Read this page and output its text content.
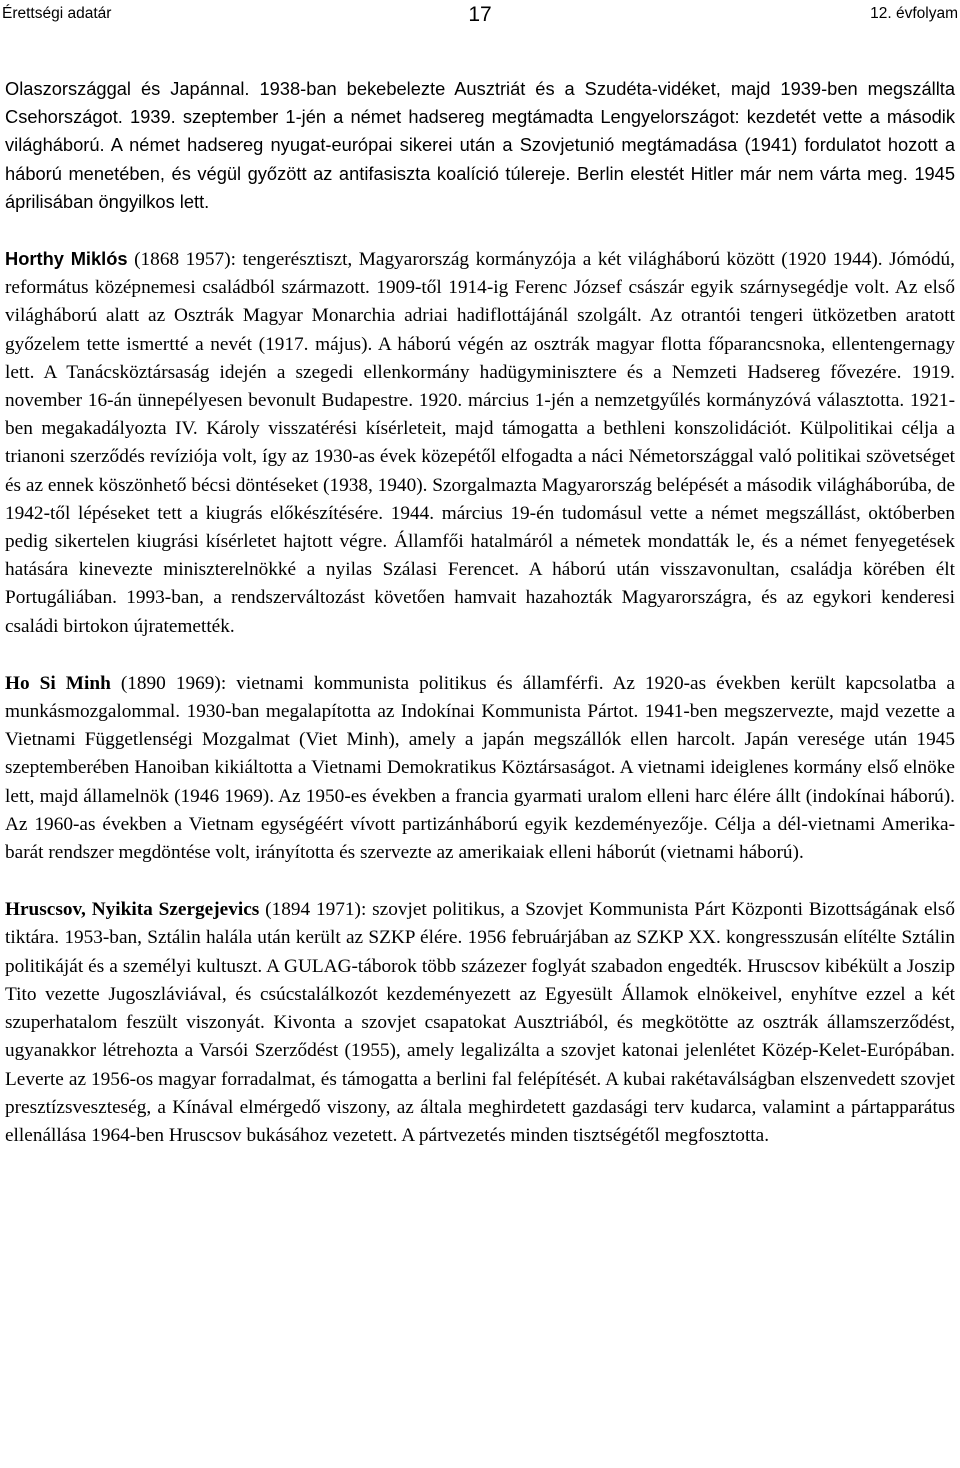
Érettségi adatár	17	12. évfolyam

Olaszországgal és Japánnal. 1938-ban bekebelezte Ausztriát és a Szudéta-vidéket, majd 1939-ben megszállta Csehországot. 1939. szeptember 1-jén a német hadsereg megtámadta Lengyelországot: kezdetét vette a második világháború. A német hadsereg nyugat-európai sikerei után a Szovjetunió megtámadása (1941) fordulatot hozott a háború menetében, és végül győzött az antifasiszta koalíció túlereje. Berlin elestét Hitler már nem várta meg. 1945 áprilisában öngyilkos lett.

Horthy Miklós (1868 1957): tengerésztiszt, Magyarország kormányzója a két világháború között (1920 1944). Jómódú, református középnemesi családból származott. 1909-től 1914-ig Ferenc József császár egyik szárnysegédje volt. Az első világháború alatt az Osztrák Magyar Monarchia adriai hadiflottájánál szolgált. Az otrantói tengeri ütközetben aratott győzelem tette ismertté a nevét (1917. május). A háború végén az osztrák magyar flotta főparancsnoka, ellentengernagy lett. A Tanácsköztársaság idején a szegedi ellenkormány hadügyminisztere és a Nemzeti Hadsereg fővezére. 1919. november 16-án ünnepélyesen bevonult Budapestre. 1920. március 1-jén a nemzetgyűlés kormányzóvá választotta. 1921-ben megakadályozta IV. Károly visszatérési kísérleteit, majd támogatta a bethleni konszolidációt. Külpolitikai célja a trianoni szerződés revíziója volt, így az 1930-as évek közepétől elfogadta a náci Németországgal való politikai szövetséget és az ennek köszönhető bécsi döntéseket (1938, 1940). Szorgalmazta Magyarország belépését a második világháborúba, de 1942-től lépéseket tett a kiugrás előkészítésére. 1944. március 19-én tudomásul vette a német megszállást, októberben pedig sikertelen kiugrási kísérletet hajtott végre. Államfői hatalmáról a németek mondatták le, és a német fenyegetések hatására kinevezte miniszterelnökké a nyilas Szálasi Ferencet. A háború után visszavonultan, családja körében élt Portugáliában. 1993-ban, a rendszerváltozást követően hamvait hazahozták Magyarországra, és az egykori kenderesi családi birtokon újratemették.

Ho Si Minh (1890 1969): vietnami kommunista politikus és államférfi. Az 1920-as években került kapcsolatba a munkásmozgalommal. 1930-ban megalapította az Indokínai Kommunista Pártot. 1941-ben megszervezte, majd vezette a Vietnami Függetlenségi Mozgalmat (Viet Minh), amely a japán megszállók ellen harcolt. Japán veresége után 1945 szeptemberében Hanoiban kikiáltotta a Vietnami Demokratikus Köztársaságot. A vietnami ideiglenes kormány első elnöke lett, majd államelnök (1946 1969). Az 1950-es években a francia gyarmati uralom elleni harc élére állt (indokínai háború). Az 1960-as években a Vietnam egységéért vívott partizánháború egyik kezdeményezője. Célja a dél-vietnami Amerika-barát rendszer megdöntése volt, irányította és szervezte az amerikaiak elleni háborút (vietnami háború).

Hruscsov, Nyikita Szergejevics (1894 1971): szovjet politikus, a Szovjet Kommunista Párt Központi Bizottságának első tiktára. 1953-ban, Sztálin halála után került az SZKP élére. 1956 februárjában az SZKP XX. kongresszusán elítélte Sztálin politikáját és a személyi kultuszt. A GULAG-táborok több százezer foglyát szabadon engedték. Hruscsov kibékült a Joszip Tito vezette Jugoszláviával, és csúcstalálkozót kezdeményezett az Egyesült Államok elnökeivel, enyhítve ezzel a két szuperhatalom feszült viszonyát. Kivonta a szovjet csapatokat Ausztriából, és megkötötte az osztrák államszerződést, ugyanakkor létrehozta a Varsói Szerződést (1955), amely legalizálta a szovjet katonai jelenlétet Közép-Kelet-Európában. Leverte az 1956-os magyar forradalmat, és támogatta a berlini fal felépítését. A kubai rakétaválságban elszenvedett szovjet presztízsveszteség, a Kínával elmérgedő viszony, az általa meghirdetett gazdasági terv kudarca, valamint a pártapparátus ellenállása 1964-ben Hruscsov bukásához vezetett. A pártvezetés minden tisztségétől megfosztotta.
